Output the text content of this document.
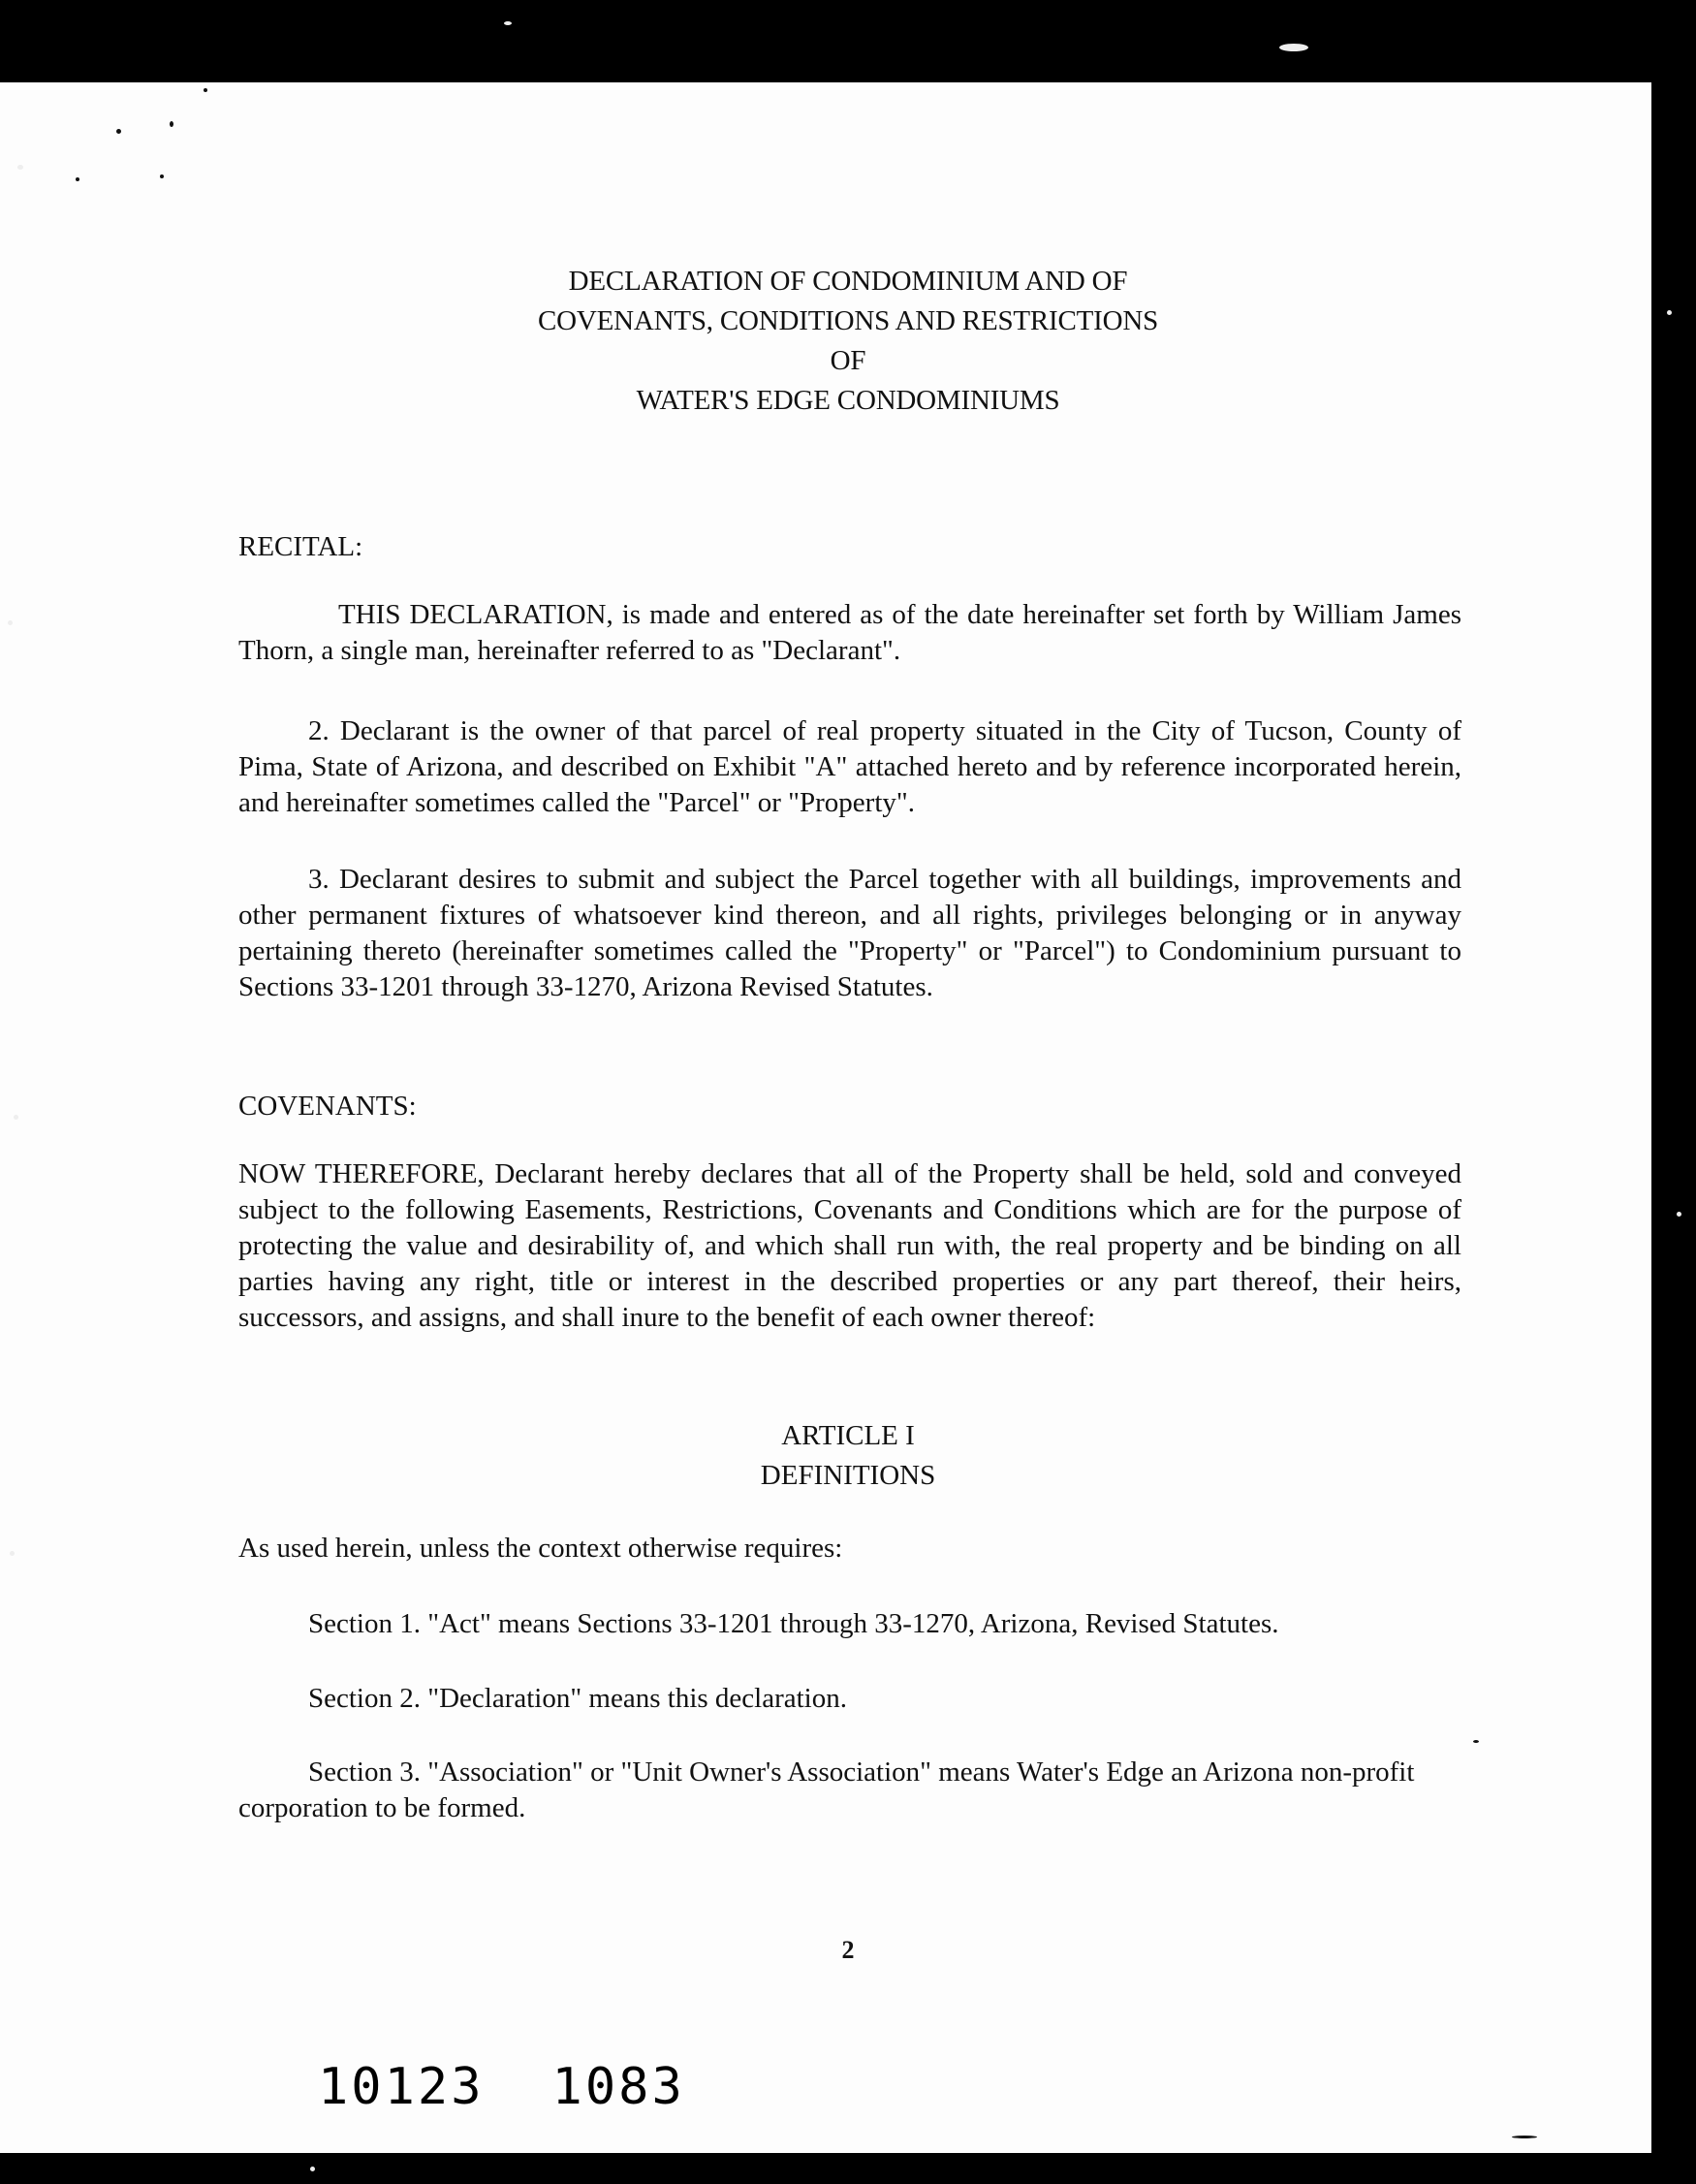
DECLARATION OF CONDOMINIUM AND OF
COVENANTS, CONDITIONS AND RESTRICTIONS
OF
WATER'S EDGE CONDOMINIUMS
RECITAL:
THIS DECLARATION, is made and entered as of the date hereinafter set forth by William James Thorn, a single man, hereinafter referred to as "Declarant".
2. Declarant is the owner of that parcel of real property situated in the City of Tucson, County of Pima, State of Arizona, and described on Exhibit "A" attached hereto and by reference incorporated herein, and hereinafter sometimes called the "Parcel" or "Property".
3. Declarant desires to submit and subject the Parcel together with all buildings, improvements and other permanent fixtures of whatsoever kind thereon, and all rights, privileges belonging or in anyway pertaining thereto (hereinafter sometimes called the "Property" or "Parcel") to Condominium pursuant to Sections 33-1201 through 33-1270, Arizona Revised Statutes.
COVENANTS:
NOW THEREFORE, Declarant hereby declares that all of the Property shall be held, sold and conveyed subject to the following Easements, Restrictions, Covenants and Conditions which are for the purpose of protecting the value and desirability of, and which shall run with, the real property and be binding on all parties having any right, title or interest in the described properties or any part thereof, their heirs, successors, and assigns, and shall inure to the benefit of each owner thereof:
ARTICLE I
DEFINITIONS
As used herein, unless the context otherwise requires:
Section 1. "Act" means Sections 33-1201 through 33-1270, Arizona, Revised Statutes.
Section 2. "Declaration" means this declaration.
Section 3. "Association" or "Unit Owner's Association" means Water's Edge an Arizona non-profit corporation to be formed.
2
10123 1083
